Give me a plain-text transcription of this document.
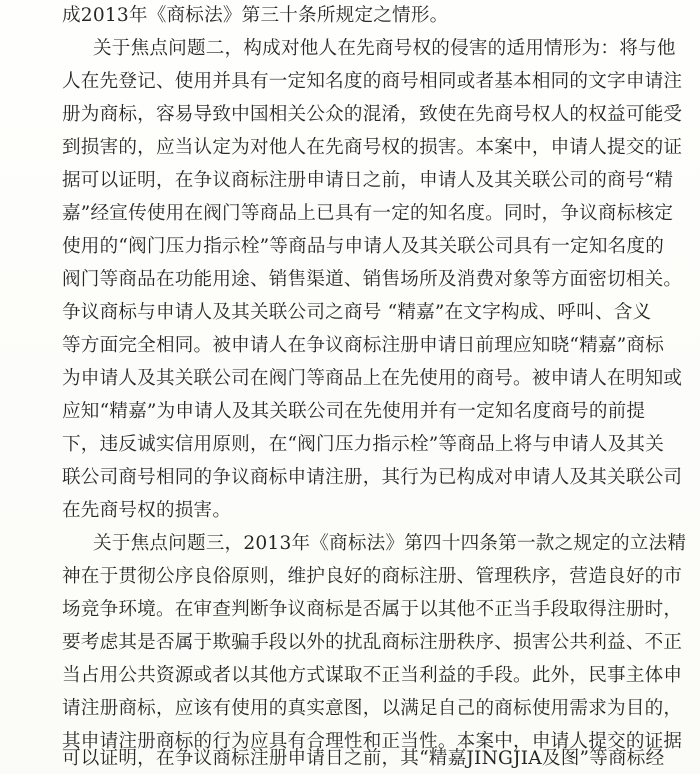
成2013年《商标法》第三十条所规定之情形。
关于焦点问题二，构成对他人在先商号权的侵害的适用情形为：将与他
人在先登记、使用并具有一定知名度的商号相同或者基本相同的文字申请注
册为商标，容易导致中国相关公众的混淆，致使在先商号权人的权益可能受
到损害的，应当认定为对他人在先商号权的损害。本案中，申请人提交的证
据可以证明，在争议商标注册申请日之前，申请人及其关联公司的商号“精
嘉”经宣传使用在阀门等商品上已具有一定的知名度。同时，争议商标核定
使用的“阀门压力指示栓”等商品与申请人及其关联公司具有一定知名度的
阀门等商品在功能用途、销售渠道、销售场所及消费对象等方面密切相关。
争议商标与申请人及其关联公司之商号 “精嘉”在文字构成、呼叫、含义
等方面完全相同。被申请人在争议商标注册申请日前理应知晓“精嘉”商标
为申请人及其关联公司在阀门等商品上在先使用的商号。被申请人在明知或
应知“精嘉”为申请人及其关联公司在先使用并有一定知名度商号的前提
下，违反诚实信用原则，在“阀门压力指示栓”等商品上将与申请人及其关
联公司商号相同的争议商标申请注册，其行为已构成对申请人及其关联公司
在先商号权的损害。
关于焦点问题三，2013年《商标法》第四十四条第一款之规定的立法精
神在于贯彻公序良俗原则，维护良好的商标注册、管理秩序，营造良好的市
场竞争环境。在审查判断争议商标是否属于以其他不正当手段取得注册时，
要考虑其是否属于欺骗手段以外的扰乱商标注册秩序、损害公共利益、不正
当占用公共资源或者以其他方式谋取不正当利益的手段。此外，民事主体申
请注册商标，应该有使用的真实意图，以满足自己的商标使用需求为目的，
其申请注册商标的行为应具有合理性和正当性。本案中，申请人提交的证据
可以证明，在争议商标注册申请日之前，其“精嘉JINGJIA及图”等商标经
